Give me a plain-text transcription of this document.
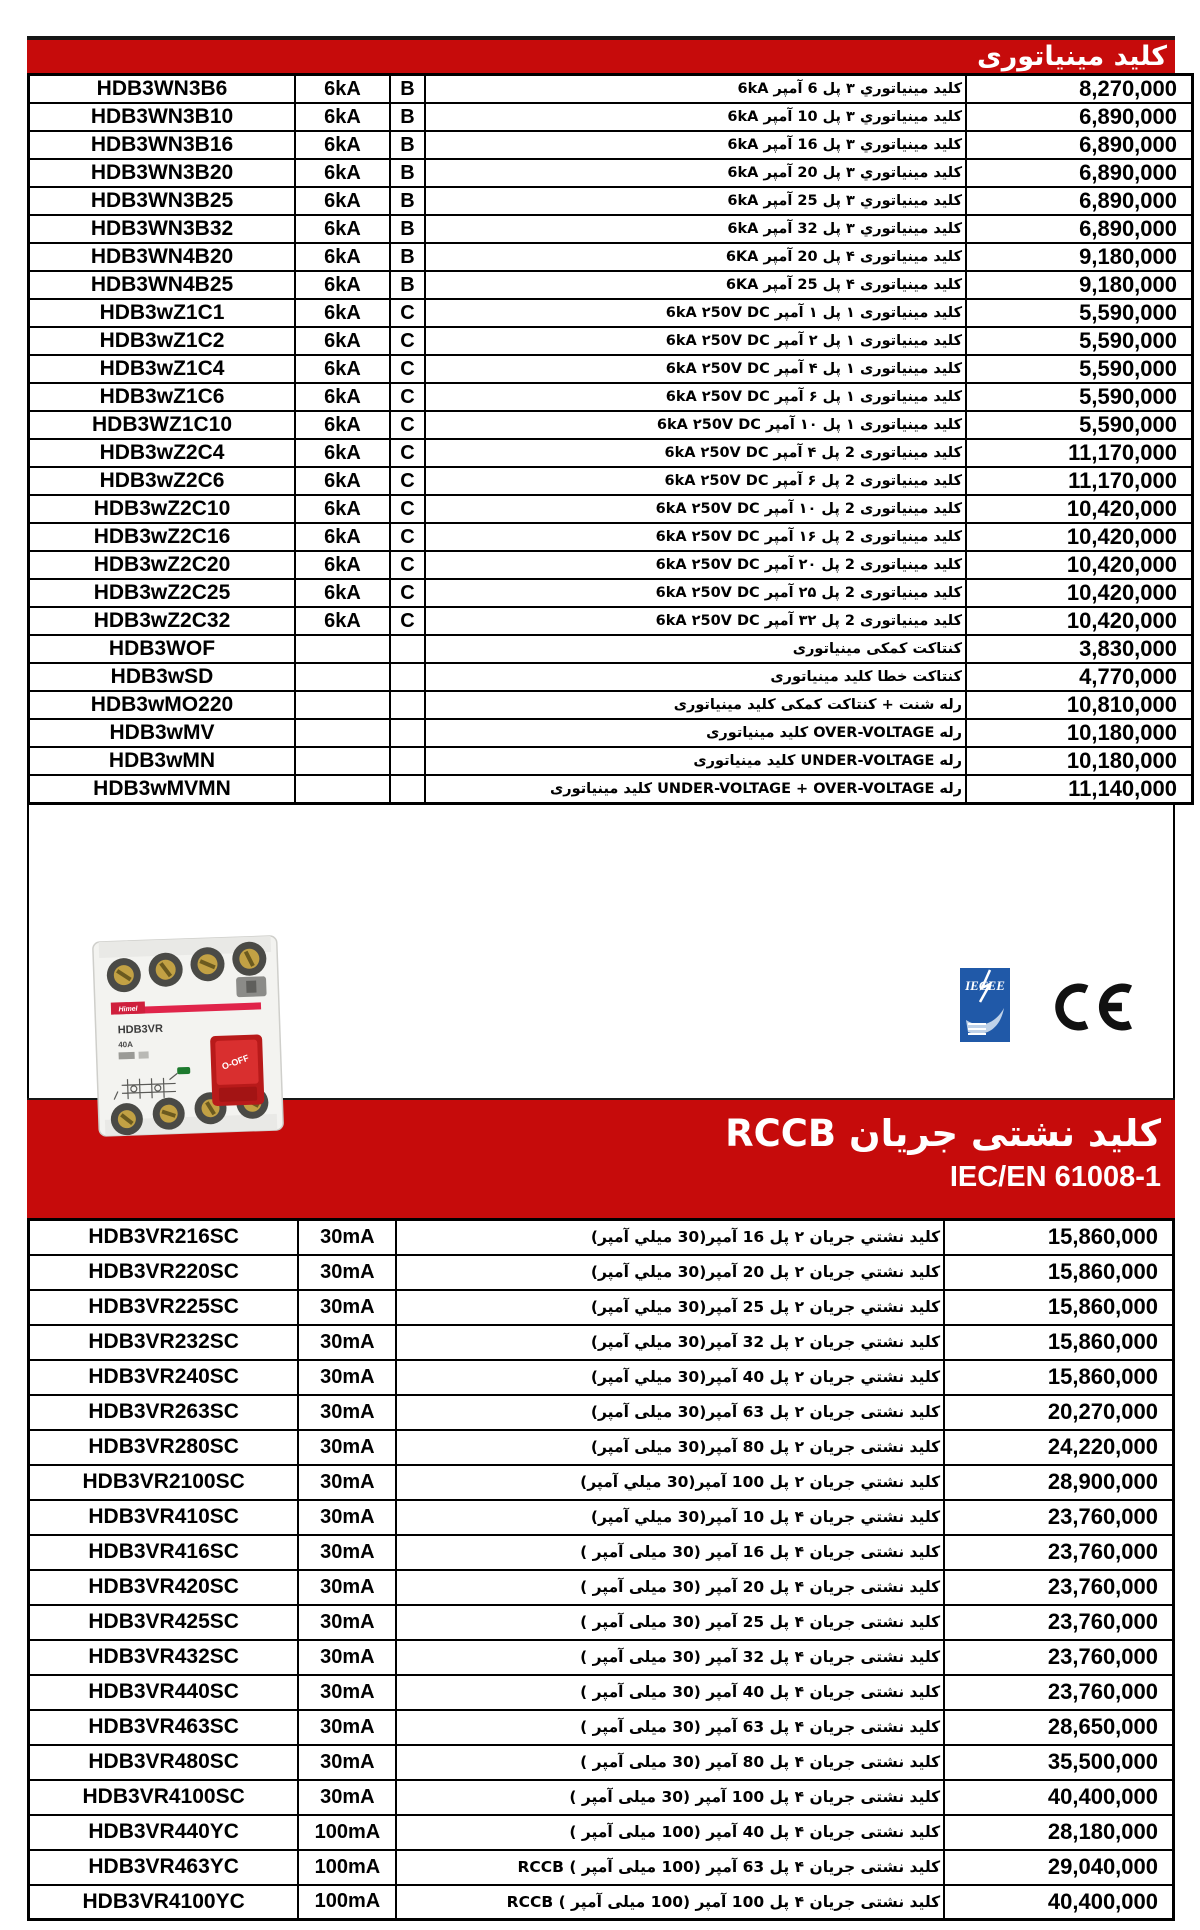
کلید مینیاتوری
HDB3WN3B6	6kA	B	کلید مینیاتوري ۳ پل 6 آمپر 6kA	8,270,000
HDB3WN3B10	6kA	B	کلید مینیاتوري ۳ پل 10 آمپر 6kA	6,890,000
HDB3WN3B16	6kA	B	کلید مینیاتوري ۳ پل 16 آمپر 6kA	6,890,000
HDB3WN3B20	6kA	B	کلید مینیاتوري ۳ پل 20 آمپر 6kA	6,890,000
HDB3WN3B25	6kA	B	کلید مینیاتوري ۳ پل 25 آمپر 6kA	6,890,000
HDB3WN3B32	6kA	B	کلید مینیاتوري ۳ پل 32 آمپر 6kA	6,890,000
HDB3WN4B20	6kA	B	کلید مینیاتوری ۴ پل 20 آمپر 6KA	9,180,000
HDB3WN4B25	6kA	B	کلید مینیاتوری ۴ پل 25 آمپر 6KA	9,180,000
HDB3wZ1C1	6kA	C	کلید مینیاتوری ۱ پل ۱ آمپر 6kA ۲50V DC	5,590,000
HDB3wZ1C2	6kA	C	کلید مینیاتوری ۱ پل ۲ آمپر 6kA ۲50V DC	5,590,000
HDB3wZ1C4	6kA	C	کلید مینیاتوری ۱ پل ۴ آمپر 6kA ۲50V DC	5,590,000
HDB3wZ1C6	6kA	C	کلید مینیاتوری ۱ پل ۶ آمپر 6kA ۲50V DC	5,590,000
HDB3WZ1C10	6kA	C	کلید مینیاتوری ۱ پل ۱۰ آمپر 6kA ۲50V DC	5,590,000
HDB3wZ2C4	6kA	C	کلید مینیاتوری 2 پل ۴ آمپر 6kA ۲50V DC	11,170,000
HDB3wZ2C6	6kA	C	کلید مینیاتوری 2 پل ۶ آمپر 6kA ۲50V DC	11,170,000
HDB3wZ2C10	6kA	C	کلید مینیاتوری 2 پل ۱۰ آمپر 6kA ۲50V DC	10,420,000
HDB3wZ2C16	6kA	C	کلید مینیاتوری 2 پل ۱۶ آمپر 6kA ۲50V DC	10,420,000
HDB3wZ2C20	6kA	C	کلید مینیاتوری 2 پل ۲۰ آمپر 6kA ۲50V DC	10,420,000
HDB3wZ2C25	6kA	C	کلید مینیاتوری 2 پل ۲۵ آمپر 6kA ۲50V DC	10,420,000
HDB3wZ2C32	6kA	C	کلید مینیاتوری 2 پل ۳۲ آمپر 6kA ۲50V DC	10,420,000
HDB3WOF			کنتاکت کمکی مینیاتوری	3,830,000
HDB3wSD			کنتاکت خطا کلید مینیاتوری	4,770,000
HDB3wMO220			رله شنت + کنتاکت کمکی کلید مینیاتوری	10,810,000
HDB3wMV			رله OVER-VOLTAGE کلید مینیاتوری	10,180,000
HDB3wMN			رله UNDER-VOLTAGE کلید مینیاتوری	10,180,000
HDB3wMVMN			رله UNDER-VOLTAGE + OVER-VOLTAGE کلید مینیاتوری	11,140,000
IECEE
کلید نشتی جریان RCCB
IEC/EN 61008-1
HDB3VR216SC	30mA	کلید نشتي جریان ۲ پل 16 آمپر(30 میلي آمپر)	15,860,000
HDB3VR220SC	30mA	کلید نشتي جریان ۲ پل 20 آمپر(30 میلي آمپر)	15,860,000
HDB3VR225SC	30mA	کلید نشتي جریان ۲ پل 25 آمپر(30 میلي آمپر)	15,860,000
HDB3VR232SC	30mA	کلید نشتي جریان ۲ پل 32 آمپر(30 میلي آمپر)	15,860,000
HDB3VR240SC	30mA	کلید نشتي جریان ۲ پل 40 آمپر(30 میلي آمپر)	15,860,000
HDB3VR263SC	30mA	کلید نشتی جریان ۲ پل 63 آمپر(30 میلی آمپر)	20,270,000
HDB3VR280SC	30mA	کلید نشتی جریان ۲ پل 80 آمپر(30 میلی آمپر)	24,220,000
HDB3VR2100SC	30mA	کلید نشتي جریان ۲ پل 100 آمپر(30 میلي آمپر)	28,900,000
HDB3VR410SC	30mA	کلید نشتي جریان ۴ پل 10 آمپر(30 میلي آمپر)	23,760,000
HDB3VR416SC	30mA	کلید نشتی جریان ۴ پل 16 آمپر (30 میلی آمپر )	23,760,000
HDB3VR420SC	30mA	کلید نشتی جریان ۴ پل 20 آمپر (30 میلی آمپر )	23,760,000
HDB3VR425SC	30mA	کلید نشتی جریان ۴ پل 25 آمپر (30 میلی آمپر )	23,760,000
HDB3VR432SC	30mA	کلید نشتی جریان ۴ پل 32 آمپر (30 میلی آمپر )	23,760,000
HDB3VR440SC	30mA	کلید نشتی جریان ۴ پل 40 آمپر (30 میلی آمپر )	23,760,000
HDB3VR463SC	30mA	کلید نشتی جریان ۴ پل 63 آمپر (30 میلی آمپر )	28,650,000
HDB3VR480SC	30mA	کلید نشتی جریان ۴ پل 80 آمپر (30 میلی آمپر )	35,500,000
HDB3VR4100SC	30mA	کلید نشتی جریان ۴ پل 100 آمپر (30 میلی آمپر )	40,400,000
HDB3VR440YC	100mA	کلید نشتی جریان ۴ پل 40 آمپر (100 میلی آمپر )	28,180,000
HDB3VR463YC	100mA	کلید نشتی جریان ۴ پل 63 آمپر (100 میلی آمپر ) RCCB	29,040,000
HDB3VR4100YC	100mA	کلید نشتی جریان ۴ پل 100 آمپر (100 میلی آمپر ) RCCB	40,400,000
Himel
HDB3VR
40A
O-OFF
